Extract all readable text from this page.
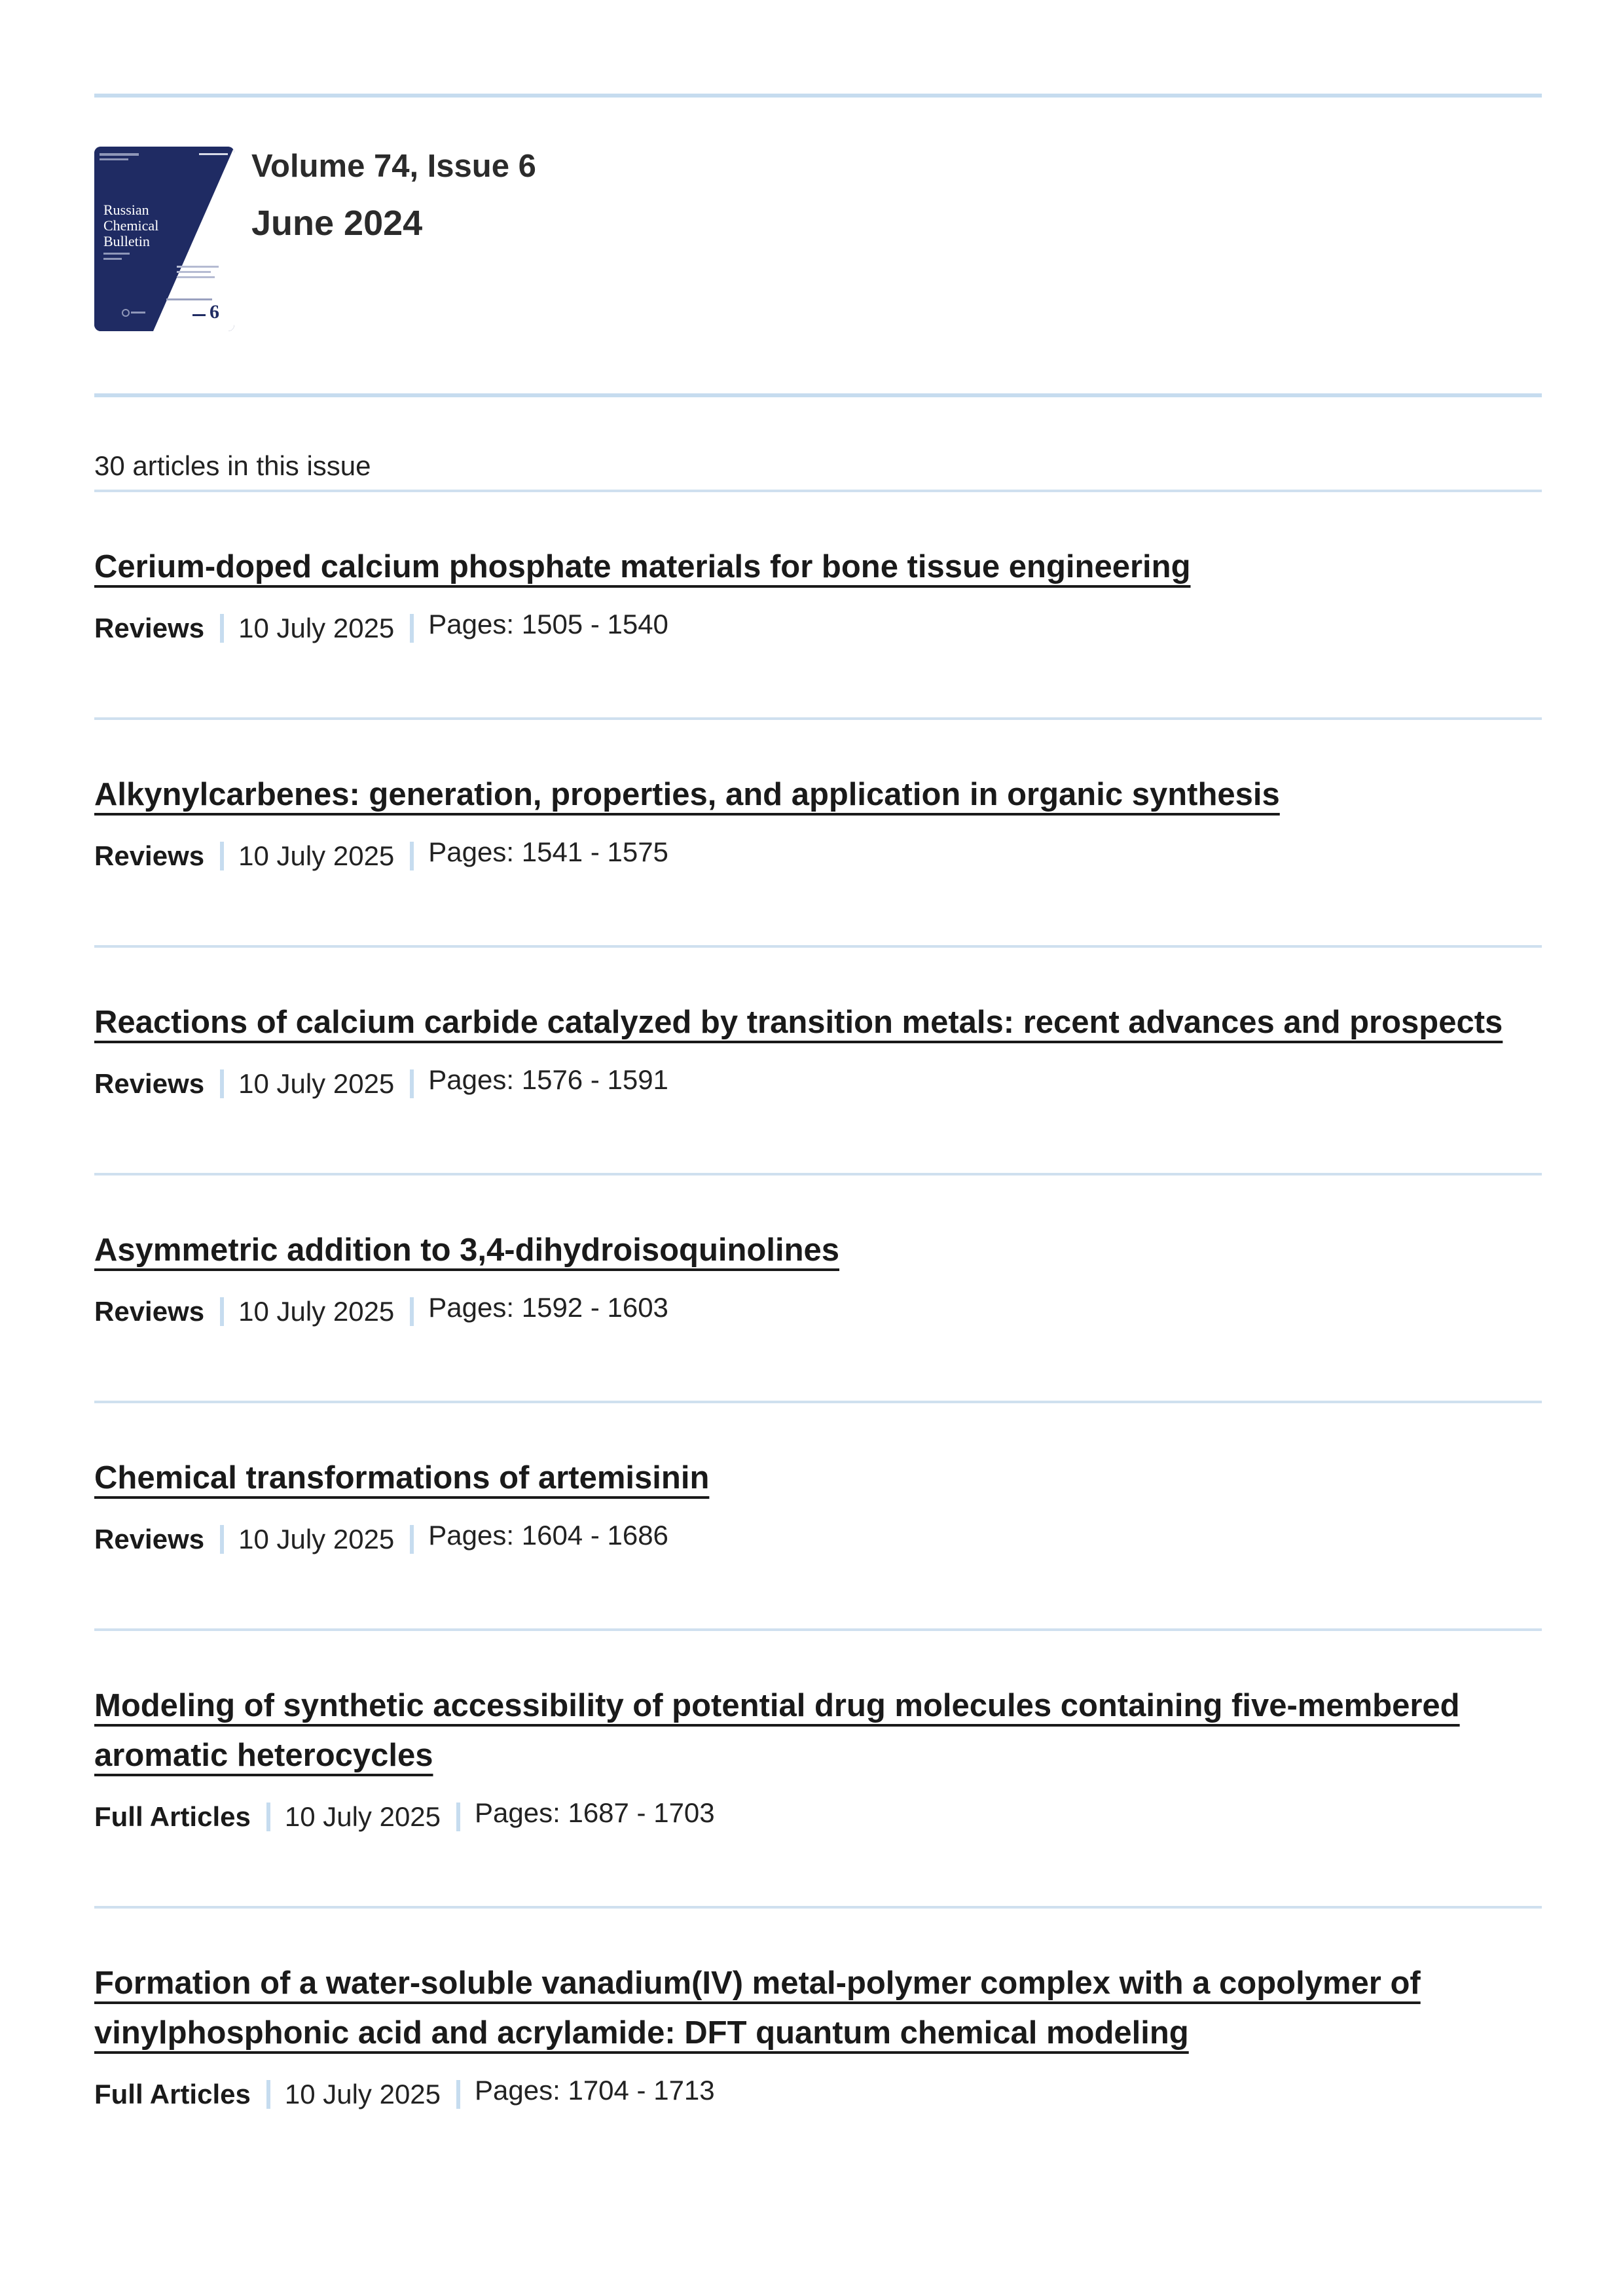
Russian
Chemical
Bulletin
6
Volume 74, Issue 6
June 2024
30 articles in this issue
Cerium-doped calcium phosphate materials for bone tissue engineering
Reviews 10 July 2025 Pages: 1505 - 1540
Alkynylcarbenes: generation, properties, and application in organic synthesis
Reviews 10 July 2025 Pages: 1541 - 1575
Reactions of calcium carbide catalyzed by transition metals: recent advances and prospects
Reviews 10 July 2025 Pages: 1576 - 1591
Asymmetric addition to 3,4-dihydroisoquinolines
Reviews 10 July 2025 Pages: 1592 - 1603
Chemical transformations of artemisinin
Reviews 10 July 2025 Pages: 1604 - 1686
Modeling of synthetic accessibility of potential drug molecules containing five-membered aromatic heterocycles
Full Articles 10 July 2025 Pages: 1687 - 1703
Formation of a water-soluble vanadium(IV) metal-polymer complex with a copolymer of vinylphosphonic acid and acrylamide: DFT quantum chemical modeling
Full Articles 10 July 2025 Pages: 1704 - 1713
